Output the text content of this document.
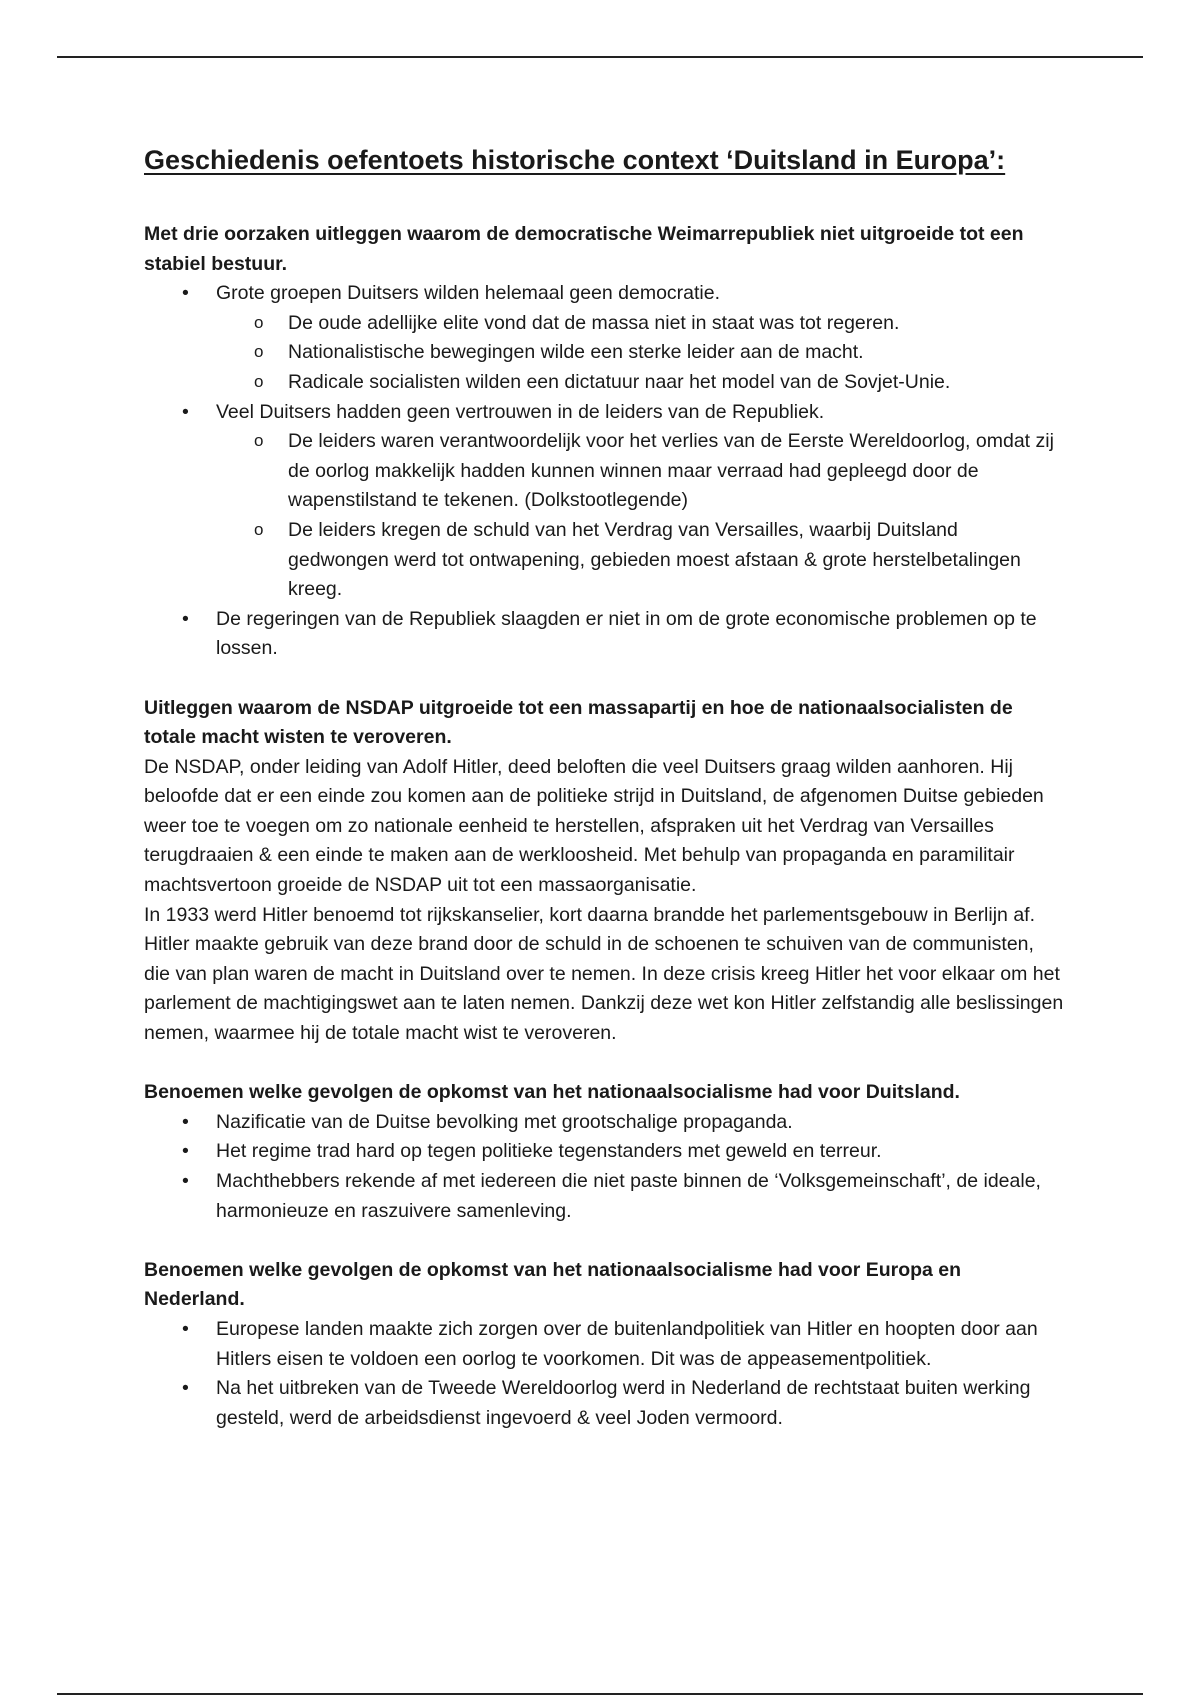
Geschiedenis oefentoets historische context ‘Duitsland in Europa’:

Met drie oorzaken uitleggen waarom de democratische Weimarrepubliek niet uitgroeide tot een stabiel bestuur.

• Grote groepen Duitsers wilden helemaal geen democratie.
o De oude adellijke elite vond dat de massa niet in staat was tot regeren.
o Nationalistische bewegingen wilde een sterke leider aan de macht.
o Radicale socialisten wilden een dictatuur naar het model van de Sovjet-Unie.
• Veel Duitsers hadden geen vertrouwen in de leiders van de Republiek.
o De leiders waren verantwoordelijk voor het verlies van de Eerste Wereldoorlog, omdat zij de oorlog makkelijk hadden kunnen winnen maar verraad had gepleegd door de wapenstilstand te tekenen. (Dolkstootlegende)
o De leiders kregen de schuld van het Verdrag van Versailles, waarbij Duitsland gedwongen werd tot ontwapening, gebieden moest afstaan & grote herstelbetalingen kreeg.
• De regeringen van de Republiek slaagden er niet in om de grote economische problemen op te lossen.

Uitleggen waarom de NSDAP uitgroeide tot een massapartij en hoe de nationaalsocialisten de totale macht wisten te veroveren.

De NSDAP, onder leiding van Adolf Hitler, deed beloften die veel Duitsers graag wilden aanhoren. Hij beloofde dat er een einde zou komen aan de politieke strijd in Duitsland, de afgenomen Duitse gebieden weer toe te voegen om zo nationale eenheid te herstellen, afspraken uit het Verdrag van Versailles terugdraaien & een einde te maken aan de werkloosheid. Met behulp van propaganda en paramilitair machtsvertoon groeide de NSDAP uit tot een massaorganisatie.

In 1933 werd Hitler benoemd tot rijkskanselier, kort daarna brandde het parlementsgebouw in Berlijn af. Hitler maakte gebruik van deze brand door de schuld in de schoenen te schuiven van de communisten, die van plan waren de macht in Duitsland over te nemen. In deze crisis kreeg Hitler het voor elkaar om het parlement de machtigingswet aan te laten nemen. Dankzij deze wet kon Hitler zelfstandig alle beslissingen nemen, waarmee hij de totale macht wist te veroveren.

Benoemen welke gevolgen de opkomst van het nationaalsocialisme had voor Duitsland.

• Nazificatie van de Duitse bevolking met grootschalige propaganda.
• Het regime trad hard op tegen politieke tegenstanders met geweld en terreur.
• Machthebbers rekende af met iedereen die niet paste binnen de ‘Volksgemeinschaft’, de ideale, harmonieuze en raszuivere samenleving.

Benoemen welke gevolgen de opkomst van het nationaalsocialisme had voor Europa en Nederland.

• Europese landen maakte zich zorgen over de buitenlandpolitiek van Hitler en hoopten door aan Hitlers eisen te voldoen een oorlog te voorkomen. Dit was de appeasementpolitiek.
• Na het uitbreken van de Tweede Wereldoorlog werd in Nederland de rechtstaat buiten werking gesteld, werd de arbeidsdienst ingevoerd & veel Joden vermoord.
